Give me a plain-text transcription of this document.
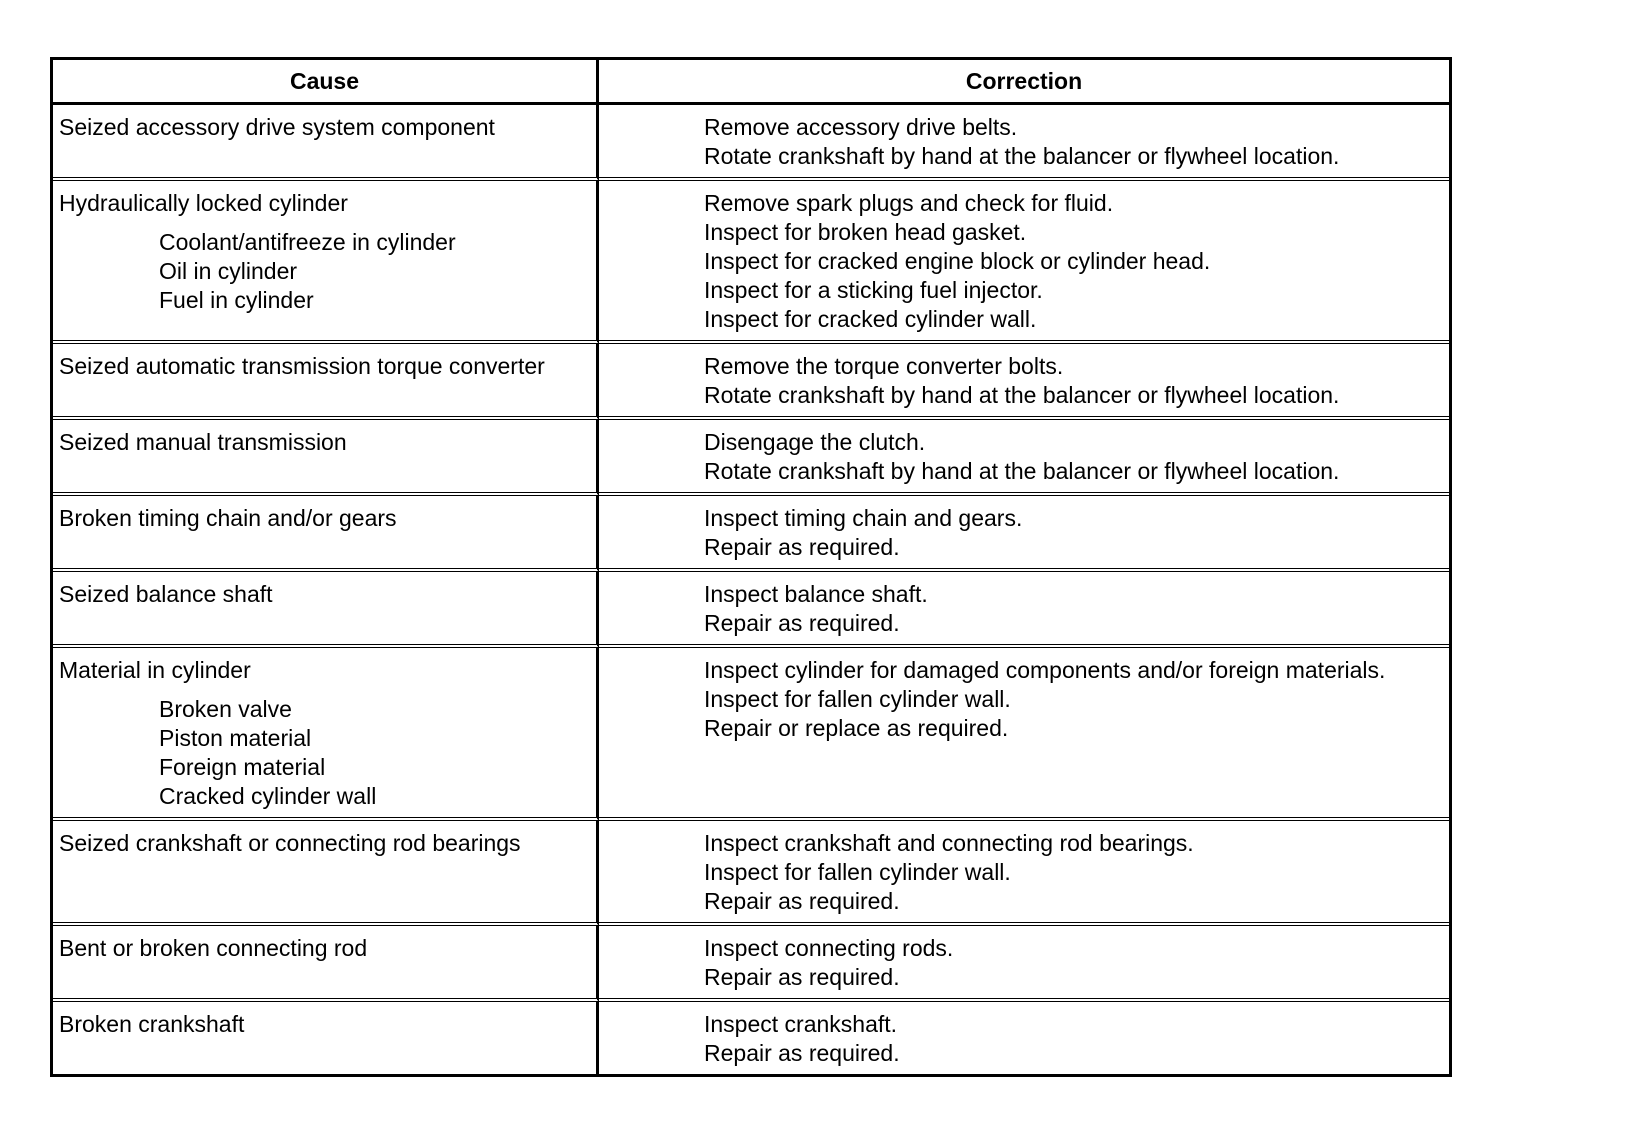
Cause	Correction

Seized accessory drive system component	Remove accessory drive belts.
Rotate crankshaft by hand at the balancer or flywheel location.

Hydraulically locked cylinder
Coolant/antifreeze in cylinder
Oil in cylinder
Fuel in cylinder	Remove spark plugs and check for fluid.
Inspect for broken head gasket.
Inspect for cracked engine block or cylinder head.
Inspect for a sticking fuel injector.
Inspect for cracked cylinder wall.

Seized automatic transmission torque converter	Remove the torque converter bolts.
Rotate crankshaft by hand at the balancer or flywheel location.

Seized manual transmission	Disengage the clutch.
Rotate crankshaft by hand at the balancer or flywheel location.

Broken timing chain and/or gears	Inspect timing chain and gears.
Repair as required.

Seized balance shaft	Inspect balance shaft.
Repair as required.

Material in cylinder
Broken valve
Piston material
Foreign material
Cracked cylinder wall	Inspect cylinder for damaged components and/or foreign materials.
Inspect for fallen cylinder wall.
Repair or replace as required.

Seized crankshaft or connecting rod bearings	Inspect crankshaft and connecting rod bearings.
Inspect for fallen cylinder wall.
Repair as required.

Bent or broken connecting rod	Inspect connecting rods.
Repair as required.

Broken crankshaft	Inspect crankshaft.
Repair as required.
